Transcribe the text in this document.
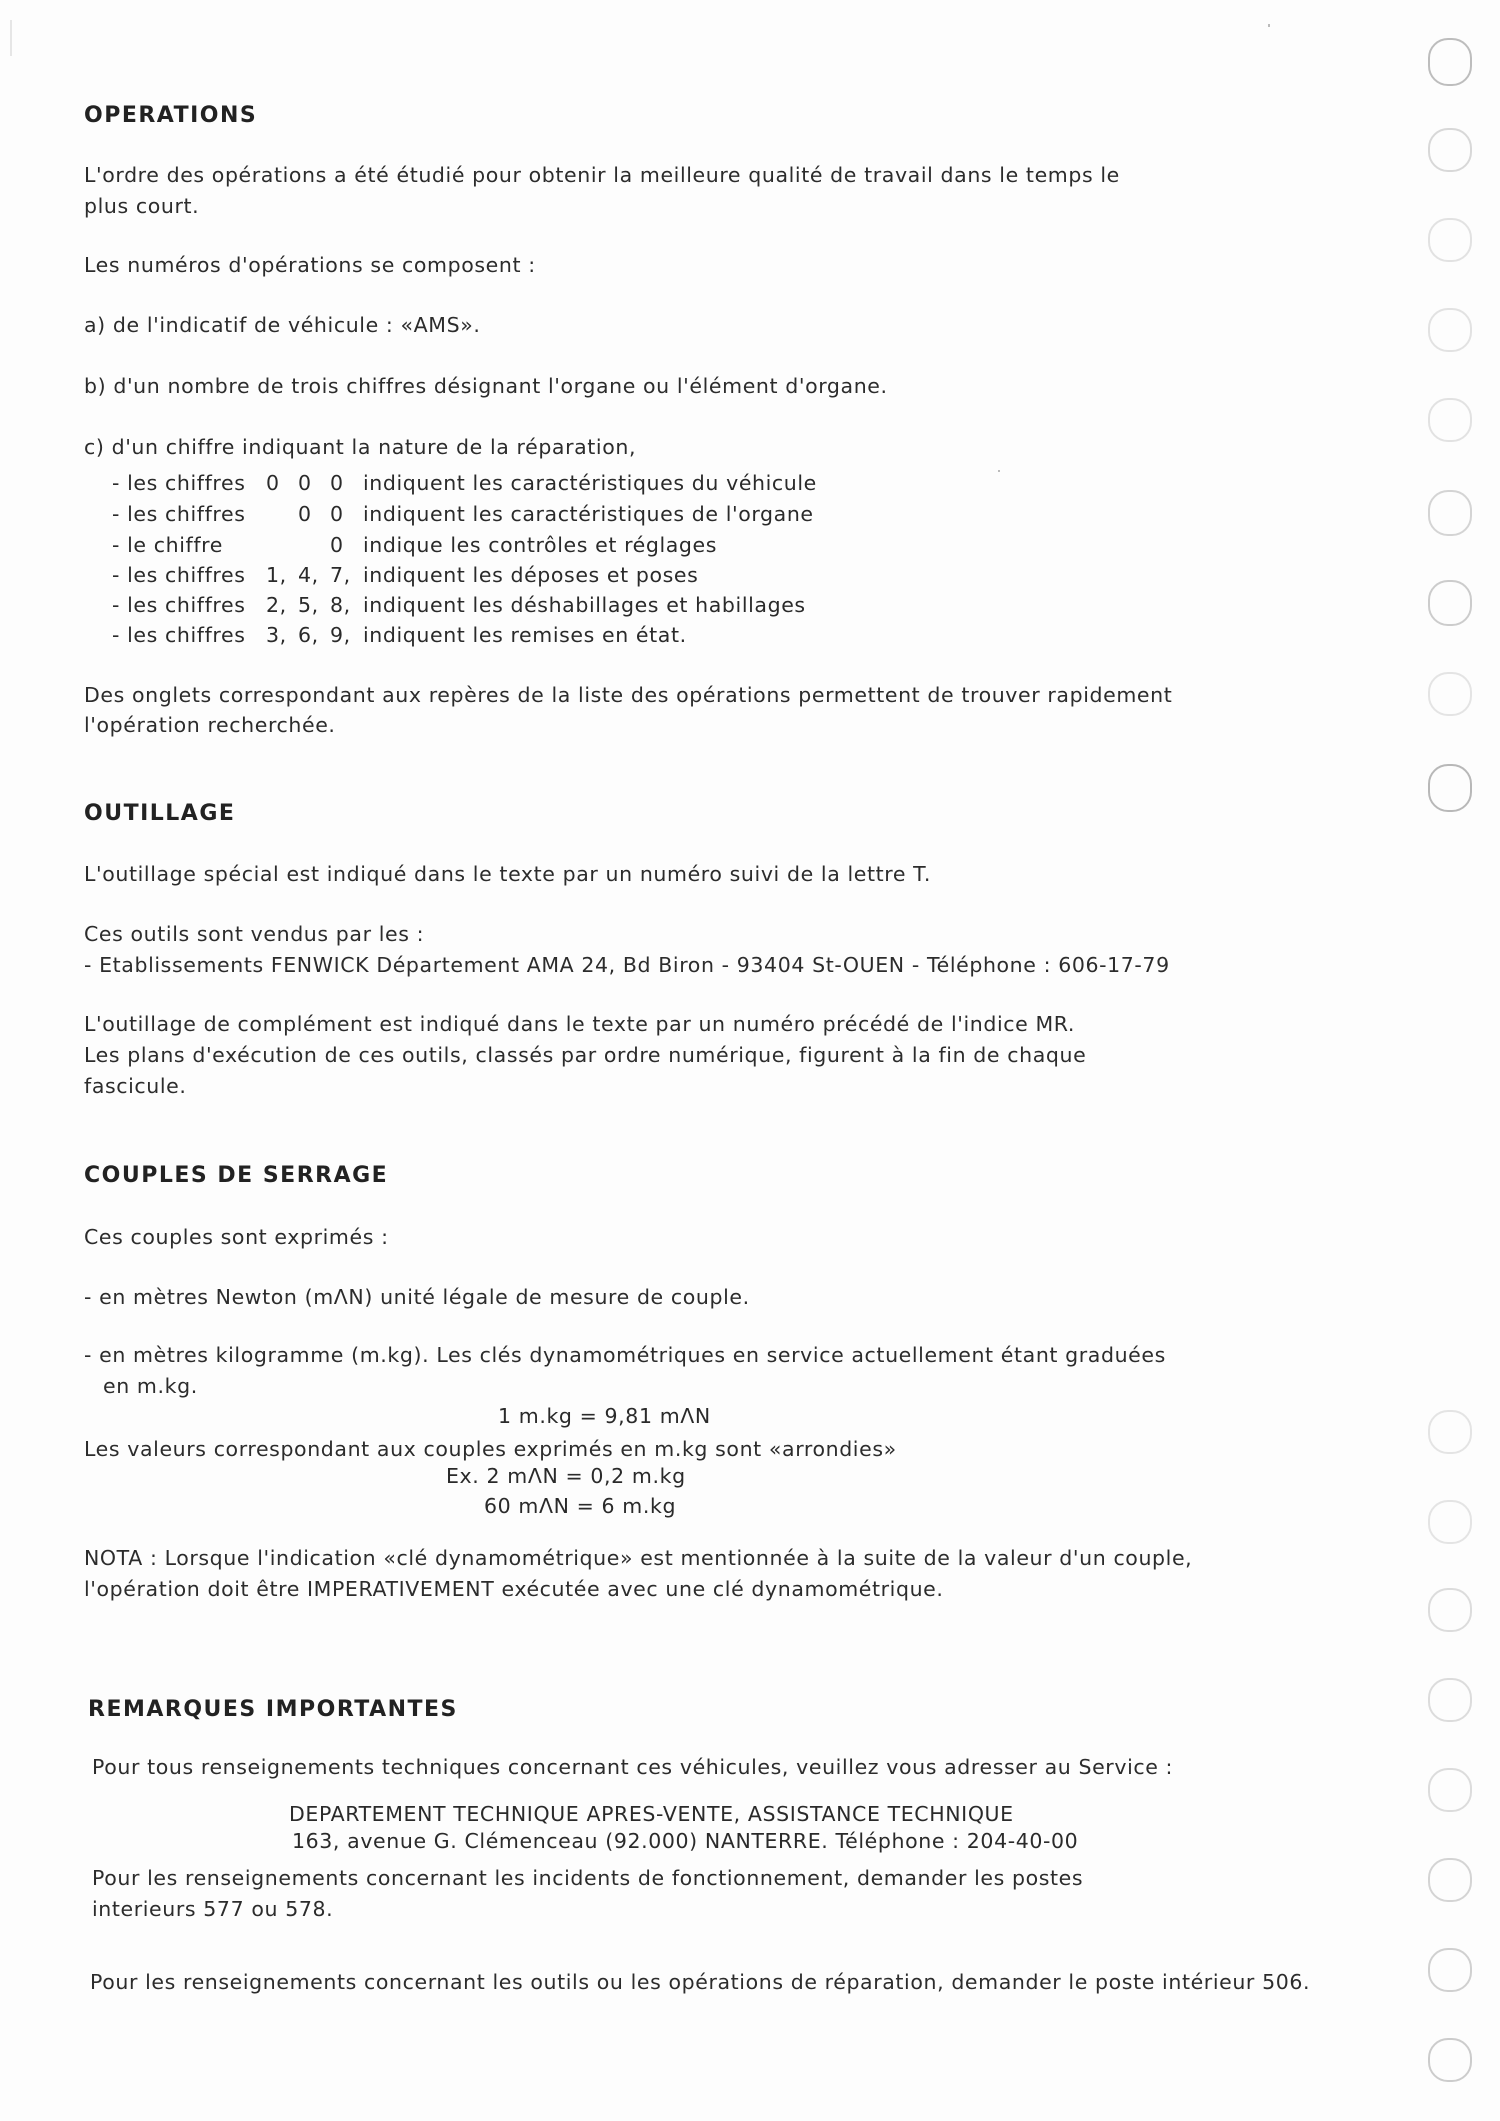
OPERATIONS
L'ordre des opérations a été étudié pour obtenir la meilleure qualité de travail dans le temps le
plus court.
Les numéros d'opérations se composent :
a) de l'indicatif de véhicule : «AMS».
b) d'un nombre de trois chiffres désignant l'organe ou l'élément d'organe.
c) d'un chiffre indiquant la nature de la réparation,
- les chiffres 0 0 0 indiquent les caractéristiques du véhicule
- les chiffres	0 0 indiquent les caractéristiques de l'organe
- le chiffre	0 indique les contrôles et réglages
- les chiffres 1, 4, 7, indiquent les déposes et poses
- les chiffres 2, 5, 8, indiquent les déshabillages et habillages
- les chiffres 3, 6, 9, indiquent les remises en état.
Des onglets correspondant aux repères de la liste des opérations permettent de trouver rapidement
l'opération recherchée.
OUTILLAGE
L'outillage spécial est indiqué dans le texte par un numéro suivi de la lettre T.
Ces outils sont vendus par les :
- Etablissements FENWICK Département AMA 24, Bd Biron - 93404 St-OUEN - Téléphone : 606-17-79
L'outillage de complément est indiqué dans le texte par un numéro précédé de l'indice MR.
Les plans d'exécution de ces outils, classés par ordre numérique, figurent à la fin de chaque
fascicule.
COUPLES DE SERRAGE
Ces couples sont exprimés :
- en mètres Newton (mΛN) unité légale de mesure de couple.
- en mètres kilogramme (m.kg). Les clés dynamométriques en service actuellement étant graduées
en m.kg.
1 m.kg = 9,81 mΛN
Les valeurs correspondant aux couples exprimés en m.kg sont «arrondies»
Ex. 2 mΛN = 0,2 m.kg
60 mΛN = 6 m.kg
NOTA : Lorsque l'indication «clé dynamométrique» est mentionnée à la suite de la valeur d'un couple,
l'opération doit être IMPERATIVEMENT exécutée avec une clé dynamométrique.
REMARQUES IMPORTANTES
Pour tous renseignements techniques concernant ces véhicules, veuillez vous adresser au Service :
DEPARTEMENT TECHNIQUE APRES-VENTE, ASSISTANCE TECHNIQUE
163, avenue G. Clémenceau (92.000) NANTERRE. Téléphone : 204-40-00
Pour les renseignements concernant les incidents de fonctionnement, demander les postes
interieurs 577 ou 578.
Pour les renseignements concernant les outils ou les opérations de réparation, demander le poste intérieur 506.
